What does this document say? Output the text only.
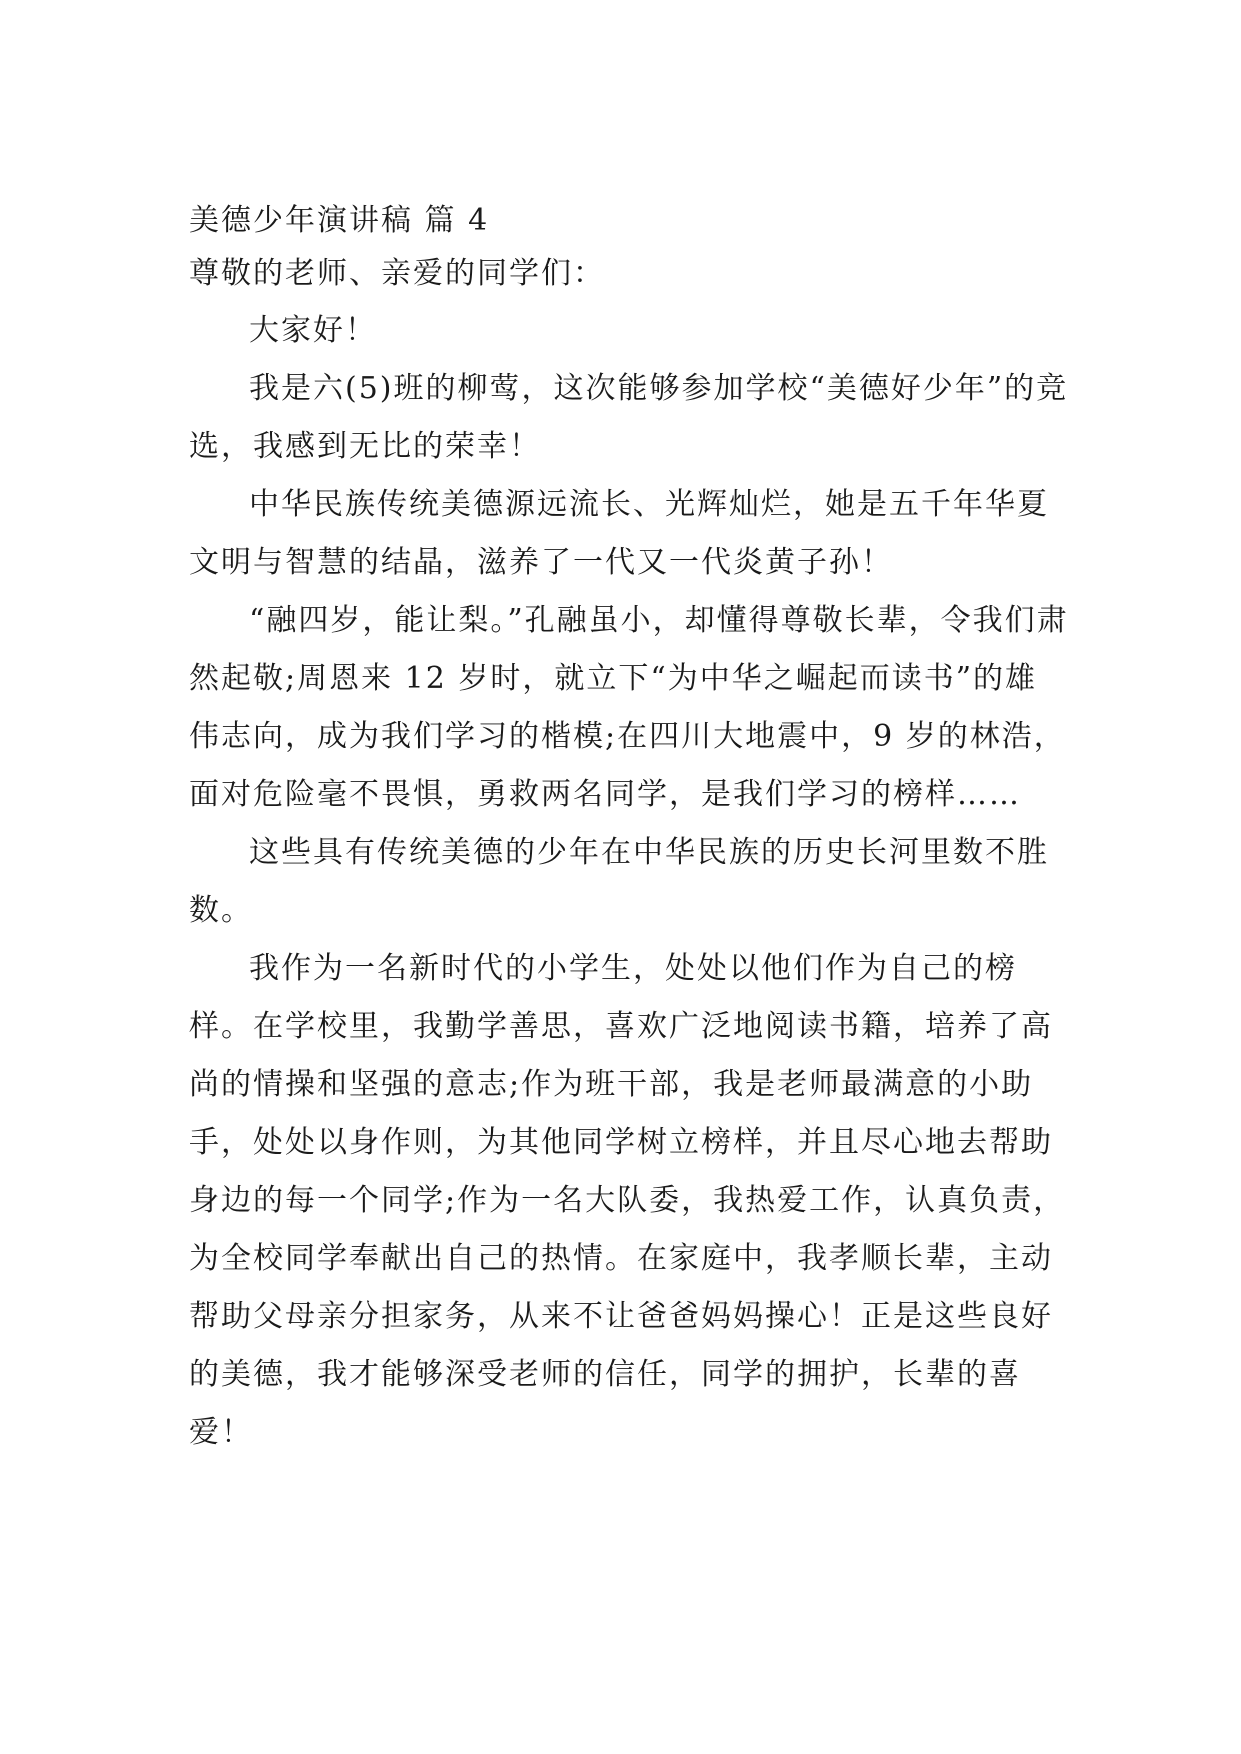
美德少年演讲稿 篇 4
尊敬的老师、亲爱的同学们：

大家好！

我是六(5)班的柳莺，这次能够参加学校“美德好少年”的竞选，我感到无比的荣幸！

中华民族传统美德源远流长、光辉灿烂，她是五千年华夏文明与智慧的结晶，滋养了一代又一代炎黄子孙！

“融四岁，能让梨。”孔融虽小，却懂得尊敬长辈，令我们肃然起敬;周恩来 12 岁时，就立下“为中华之崛起而读书”的雄伟志向，成为我们学习的楷模;在四川大地震中，9 岁的林浩，面对危险毫不畏惧，勇救两名同学，是我们学习的榜样……

这些具有传统美德的少年在中华民族的历史长河里数不胜数。

我作为一名新时代的小学生，处处以他们作为自己的榜样。在学校里，我勤学善思，喜欢广泛地阅读书籍，培养了高尚的情操和坚强的意志;作为班干部，我是老师最满意的小助手，处处以身作则，为其他同学树立榜样，并且尽心地去帮助身边的每一个同学;作为一名大队委，我热爱工作，认真负责，为全校同学奉献出自己的热情。在家庭中，我孝顺长辈，主动帮助父母亲分担家务，从来不让爸爸妈妈操心！正是这些良好的美德，我才能够深受老师的信任，同学的拥护，长辈的喜爱！
